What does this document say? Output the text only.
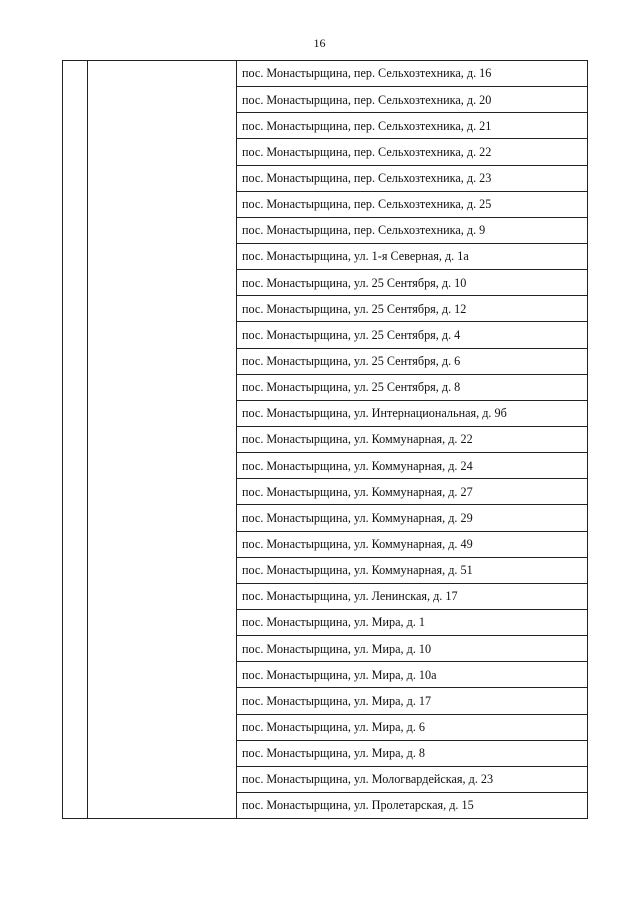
16
		пос. Монастырщина, пер. Сельхозтехника, д. 16
пос. Монастырщина, пер. Сельхозтехника, д. 20
пос. Монастырщина, пер. Сельхозтехника, д. 21
пос. Монастырщина, пер. Сельхозтехника, д. 22
пос. Монастырщина, пер. Сельхозтехника, д. 23
пос. Монастырщина, пер. Сельхозтехника, д. 25
пос. Монастырщина, пер. Сельхозтехника, д. 9
пос. Монастырщина, ул. 1-я Северная, д. 1а
пос. Монастырщина, ул. 25 Сентября, д. 10
пос. Монастырщина, ул. 25 Сентября, д. 12
пос. Монастырщина, ул. 25 Сентября, д. 4
пос. Монастырщина, ул. 25 Сентября, д. 6
пос. Монастырщина, ул. 25 Сентября, д. 8
пос. Монастырщина, ул. Интернациональная, д. 9б
пос. Монастырщина, ул. Коммунарная, д. 22
пос. Монастырщина, ул. Коммунарная, д. 24
пос. Монастырщина, ул. Коммунарная, д. 27
пос. Монастырщина, ул. Коммунарная, д. 29
пос. Монастырщина, ул. Коммунарная, д. 49
пос. Монастырщина, ул. Коммунарная, д. 51
пос. Монастырщина, ул. Ленинская, д. 17
пос. Монастырщина, ул. Мира, д. 1
пос. Монастырщина, ул. Мира, д. 10
пос. Монастырщина, ул. Мира, д. 10а
пос. Монастырщина, ул. Мира, д. 17
пос. Монастырщина, ул. Мира, д. 6
пос. Монастырщина, ул. Мира, д. 8
пос. Монастырщина, ул. Мологвардейская, д. 23
пос. Монастырщина, ул. Пролетарская, д. 15
